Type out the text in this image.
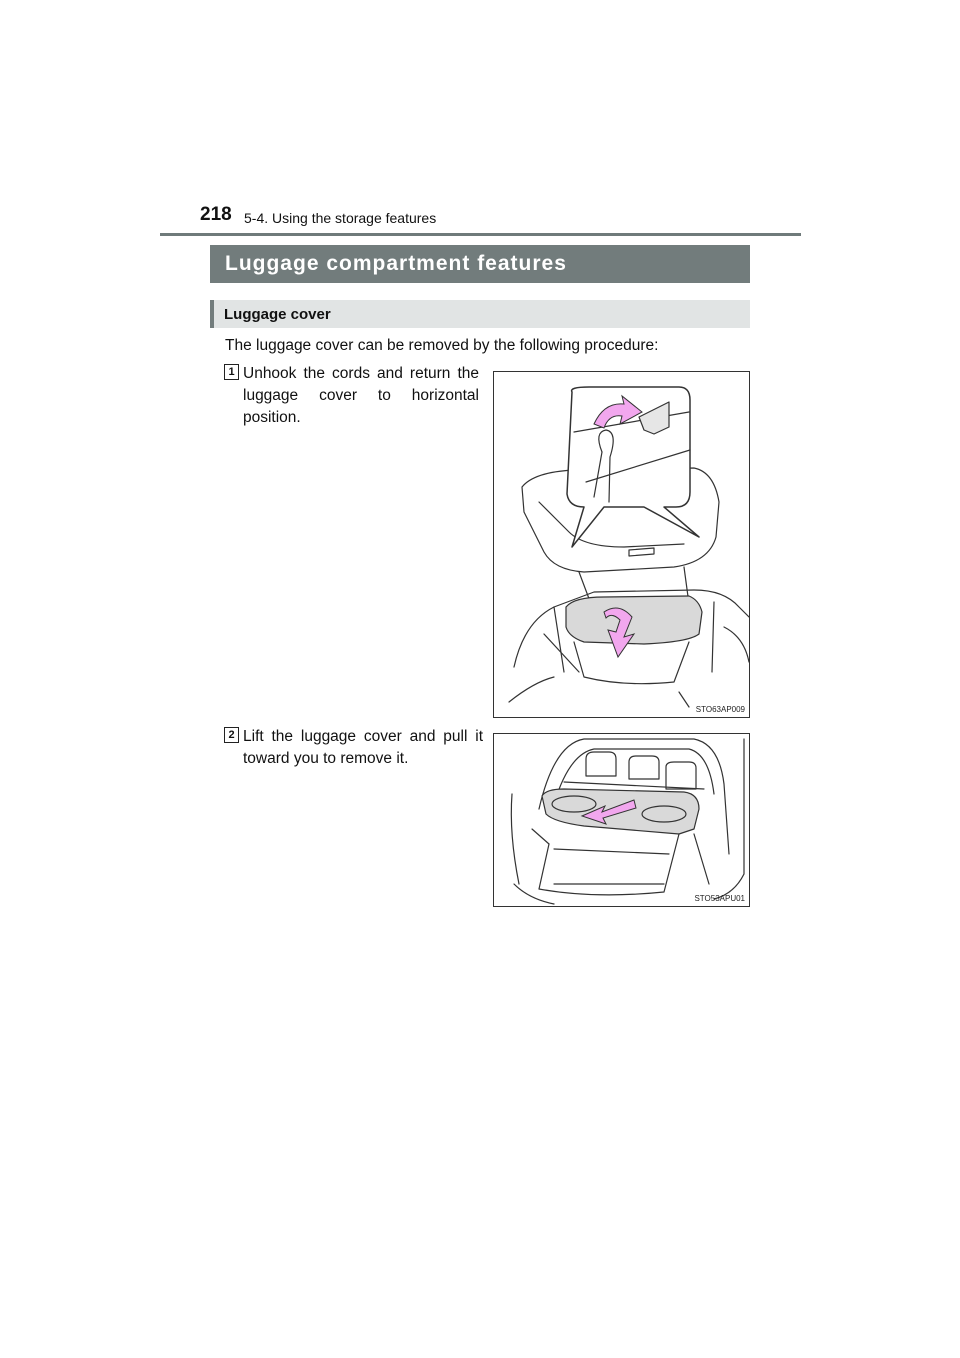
218 5-4. Using the storage features
Luggage compartment features
Luggage cover
The luggage cover can be removed by the following procedure:
1 Unhook the cords and return the luggage cover to horizontal position.
STO63AP009
2 Lift the luggage cover and pull it toward you to remove it.
STO53APU01
